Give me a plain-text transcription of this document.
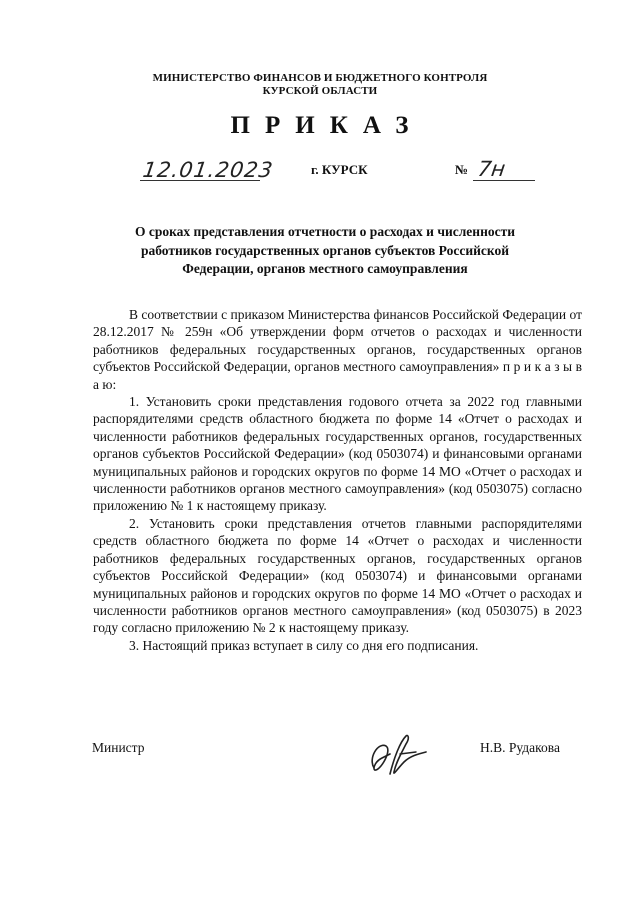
МИНИСТЕРСТВО ФИНАНСОВ И БЮДЖЕТНОГО КОНТРОЛЯ
КУРСКОЙ ОБЛАСТИ
ПРИКАЗ
12.01.2023	г. КУРСК	№ 7н
О сроках представления отчетности о расходах и численности
работников государственных органов субъектов Российской
Федерации, органов местного самоуправления

В соответствии с приказом Министерства финансов Российской Федерации от 28.12.2017 № 259н «Об утверждении форм отчетов о расходах и численности работников федеральных государственных органов, государственных органов субъектов Российской Федерации, органов местного самоуправления» п р и к а з ы в а ю:

1. Установить сроки представления годового отчета за 2022 год главными распорядителями средств областного бюджета по форме 14 «Отчет о расходах и численности работников федеральных государственных органов, государственных органов субъектов Российской Федерации» (код 0503074) и финансовыми органами муниципальных районов и городских округов по форме 14 МО «Отчет о расходах и численности работников органов местного самоуправления» (код 0503075) согласно приложению № 1 к настоящему приказу.

2. Установить сроки представления отчетов главными распорядителями средств областного бюджета по форме 14 «Отчет о расходах и численности работников федеральных государственных органов, государственных органов субъектов Российской Федерации» (код 0503074) и финансовыми органами муниципальных районов и городских округов по форме 14 МО «Отчет о расходах и численности работников органов местного самоуправления» (код 0503075) в 2023 году согласно приложению № 2 к настоящему приказу.

3. Настоящий приказ вступает в силу со дня его подписания.

Министр	Н.В. Рудакова
